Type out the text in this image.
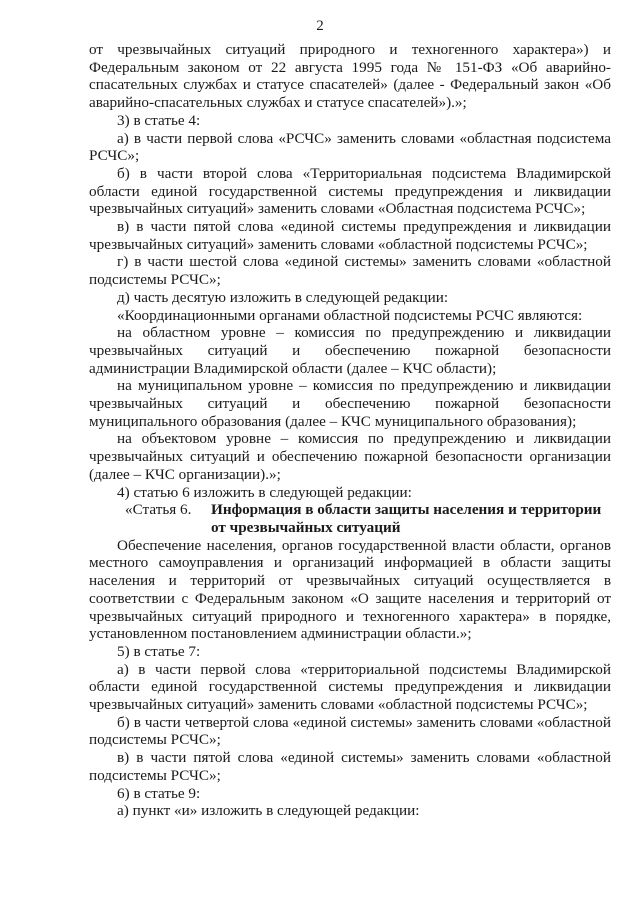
2

от чрезвычайных ситуаций природного и техногенного характера») и Федеральным законом от 22 августа 1995 года № 151-ФЗ «Об аварийно-спасательных службах и статусе спасателей» (далее - Федеральный закон «Об аварийно-спасательных службах и статусе спасателей»).»;

3) в статье 4:

а) в части первой слова «РСЧС» заменить словами «областная подсистема РСЧС»;

б) в части второй слова «Территориальная подсистема Владимирской области единой государственной системы предупреждения и ликвидации чрезвычайных ситуаций» заменить словами «Областная подсистема РСЧС»;

в) в части пятой слова «единой системы предупреждения и ликвидации чрезвычайных ситуаций» заменить словами «областной подсистемы РСЧС»;

г) в части шестой слова «единой системы» заменить словами «областной подсистемы РСЧС»;

д) часть десятую изложить в следующей редакции:

«Координационными органами областной подсистемы РСЧС являются:

на областном уровне – комиссия по предупреждению и ликвидации чрезвычайных ситуаций и обеспечению пожарной безопасности администрации Владимирской области (далее – КЧС области);

на муниципальном уровне – комиссия по предупреждению и ликвидации чрезвычайных ситуаций и обеспечению пожарной безопасности муниципального образования (далее – КЧС муниципального образования);

на объектовом уровне – комиссия по предупреждению и ликвидации чрезвычайных ситуаций и обеспечению пожарной безопасности организации (далее – КЧС организации).»;

4) статью 6 изложить в следующей редакции:

«Статья 6.	Информация в области защиты населения и территории
от чрезвычайных ситуаций

Обеспечение населения, органов государственной власти области, органов местного самоуправления и организаций информацией в области защиты населения и территорий от чрезвычайных ситуаций осуществляется в соответствии с Федеральным законом «О защите населения и территорий от чрезвычайных ситуаций природного и техногенного характера» в порядке, установленном постановлением администрации области.»;

5) в статье 7:

а) в части первой слова «территориальной подсистемы Владимирской области единой государственной системы предупреждения и ликвидации чрезвычайных ситуаций» заменить словами «областной подсистемы РСЧС»;

б) в части четвертой слова «единой системы» заменить словами «областной подсистемы РСЧС»;

в) в части пятой слова «единой системы» заменить словами «областной подсистемы РСЧС»;

6) в статье 9:

а) пункт «и» изложить в следующей редакции:
